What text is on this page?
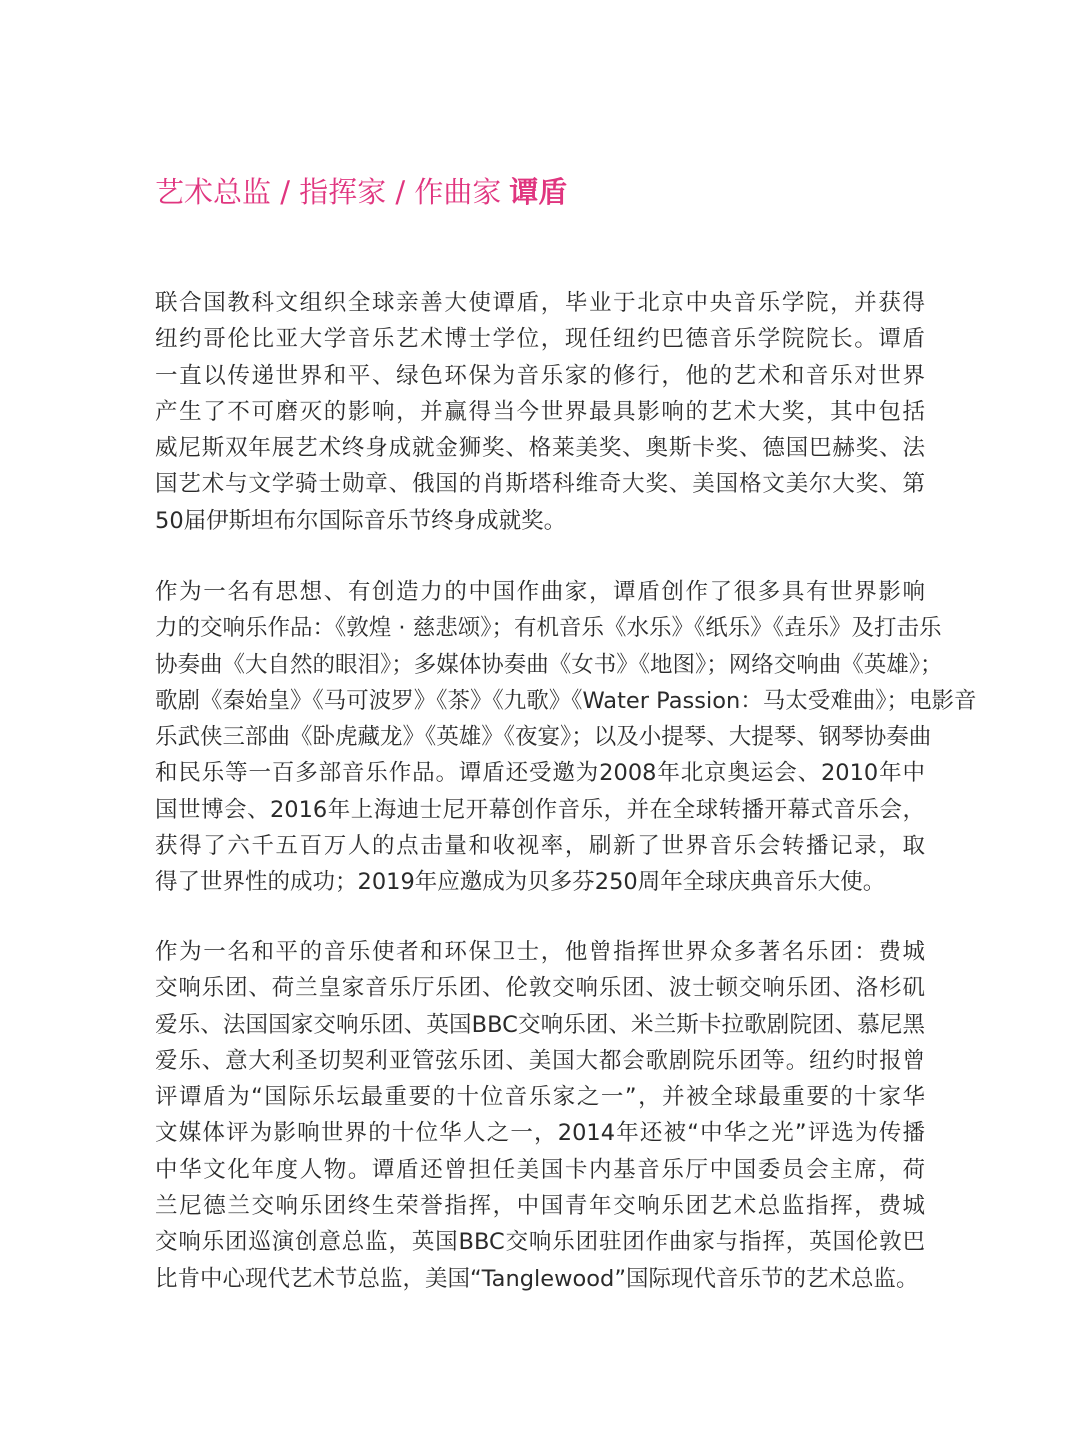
艺术总监 / 指挥家 / 作曲家 谭盾
联合国教科文组织全球亲善大使谭盾，毕业于北京中央音乐学院，并获得
纽约哥伦比亚大学音乐艺术博士学位，现任纽约巴德音乐学院院长。谭盾
一直以传递世界和平、绿色环保为音乐家的修行，他的艺术和音乐对世界
产生了不可磨灭的影响，并赢得当今世界最具影响的艺术大奖，其中包括
威尼斯双年展艺术终身成就金狮奖、格莱美奖、奥斯卡奖、德国巴赫奖、法
国艺术与文学骑士勋章、俄国的肖斯塔科维奇大奖、美国格文美尔大奖、第
50届伊斯坦布尔国际音乐节终身成就奖。
作为一名有思想、有创造力的中国作曲家，谭盾创作了很多具有世界影响
力的交响乐作品：《敦煌 · 慈悲颂》；有机音乐《水乐》《纸乐》《垚乐》及打击乐
协奏曲《大自然的眼泪》；多媒体协奏曲《女书》《地图》；网络交响曲《英雄》；
歌剧《秦始皇》《马可波罗》《茶》《九歌》《Water Passion：马太受难曲》；电影音
乐武侠三部曲《卧虎藏龙》《英雄》《夜宴》；以及小提琴、大提琴、钢琴协奏曲
和民乐等一百多部音乐作品。谭盾还受邀为2008年北京奥运会、2010年中
国世博会、2016年上海迪士尼开幕创作音乐，并在全球转播开幕式音乐会，
获得了六千五百万人的点击量和收视率，刷新了世界音乐会转播记录，取
得了世界性的成功；2019年应邀成为贝多芬250周年全球庆典音乐大使。
作为一名和平的音乐使者和环保卫士，他曾指挥世界众多著名乐团：费城
交响乐团、荷兰皇家音乐厅乐团、伦敦交响乐团、波士顿交响乐团、洛杉矶
爱乐、法国国家交响乐团、英国BBC交响乐团、米兰斯卡拉歌剧院团、慕尼黑
爱乐、意大利圣切契利亚管弦乐团、美国大都会歌剧院乐团等。纽约时报曾
评谭盾为“国际乐坛最重要的十位音乐家之一”，并被全球最重要的十家华
文媒体评为影响世界的十位华人之一，2014年还被“中华之光”评选为传播
中华文化年度人物。谭盾还曾担任美国卡内基音乐厅中国委员会主席，荷
兰尼德兰交响乐团终生荣誉指挥，中国青年交响乐团艺术总监指挥，费城
交响乐团巡演创意总监，英国BBC交响乐团驻团作曲家与指挥，英国伦敦巴
比肯中心现代艺术节总监，美国“Tanglewood”国际现代音乐节的艺术总监。
